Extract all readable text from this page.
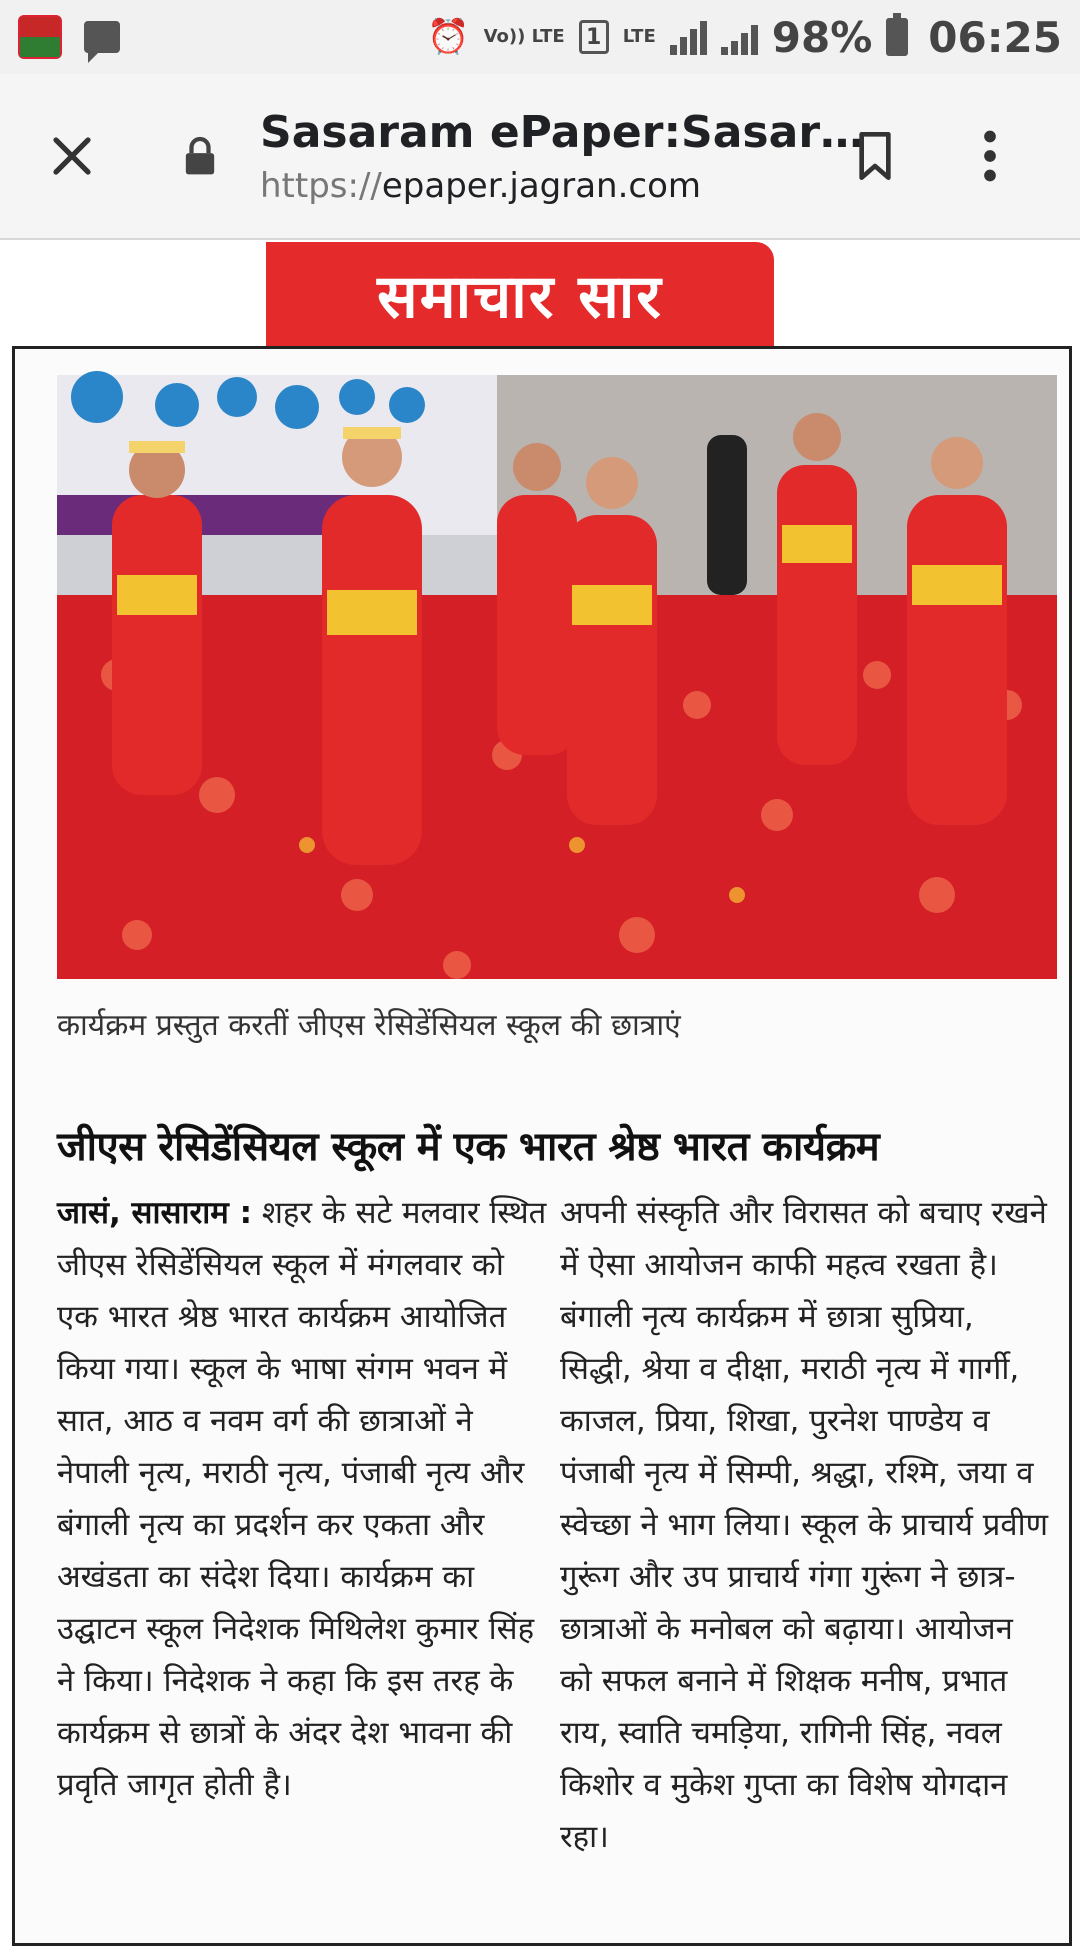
⏰ Vo)) LTE 1	LTE	98% 06:25
Sasaram ePaper:Sasar…
https://epaper.jagran.com
समाचार सार
कार्यक्रम प्रस्तुत करतीं जीएस रेसिडेंसियल स्कूल की छात्राएं
जीएस रेसिडेंसियल स्कूल में एक भारत श्रेष्ठ भारत कार्यक्रम
जासं, सासाराम : शहर के सटे मलवार स्थित जीएस रेसिडेंसियल स्कूल में मंगलवार को एक भारत श्रेष्ठ भारत कार्यक्रम आयोजित किया गया। स्कूल के भाषा संगम भवन में सात, आठ व नवम वर्ग की छात्राओं ने नेपाली नृत्य, मराठी नृत्य, पंजाबी नृत्य और बंगाली नृत्य का प्रदर्शन कर एकता और अखंडता का संदेश दिया। कार्यक्रम का उद्घाटन स्कूल निदेशक मिथिलेश कुमार सिंह ने किया। निदेशक ने कहा कि इस तरह के कार्यक्रम से छात्रों के अंदर देश भावना की प्रवृति जागृत होती है।
अपनी संस्कृति और विरासत को बचाए रखने में ऐसा आयोजन काफी महत्व रखता है। बंगाली नृत्य कार्यक्रम में छात्रा सुप्रिया, सिद्धी, श्रेया व दीक्षा, मराठी नृत्य में गार्गी, काजल, प्रिया, शिखा, पुरनेश पाण्डेय व पंजाबी नृत्य में सिम्पी, श्रद्धा, रश्मि, जया व स्वेच्छा ने भाग लिया। स्कूल के प्राचार्य प्रवीण गुरूंग और उप प्राचार्य गंगा गुरूंग ने छात्र- छात्राओं के मनोबल को बढ़ाया। आयोजन को सफल बनाने में शिक्षक मनीष, प्रभात राय, स्वाति चमड़िया, रागिनी सिंह, नवल किशोर व मुकेश गुप्ता का विशेष योगदान रहा।
